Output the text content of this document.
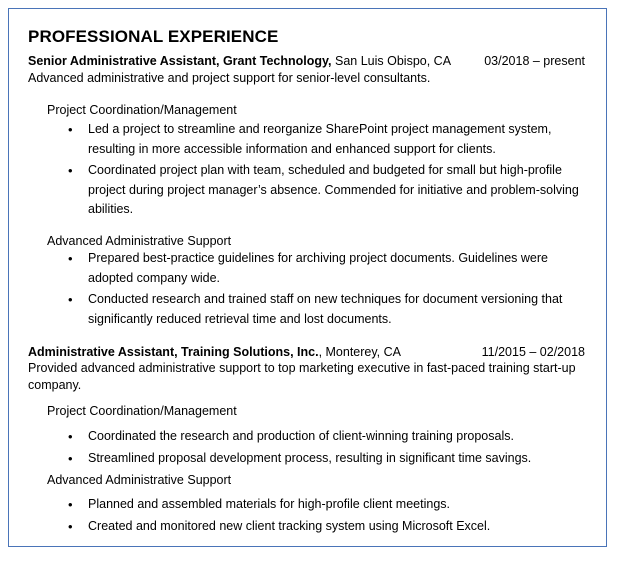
PROFESSIONAL EXPERIENCE
Senior Administrative Assistant, Grant Technology, San Luis Obispo, CA	03/2018 – present
Advanced administrative and project support for senior-level consultants.
Project Coordination/Management
• Led a project to streamline and reorganize SharePoint project management system, resulting in more accessible information and enhanced support for clients.
• Coordinated project plan with team, scheduled and budgeted for small but high-profile project during project manager’s absence. Commended for initiative and problem-solving abilities.
Advanced Administrative Support
• Prepared best-practice guidelines for archiving project documents. Guidelines were adopted company wide.
• Conducted research and trained staff on new techniques for document versioning that significantly reduced retrieval time and lost documents.
Administrative Assistant, Training Solutions, Inc., Monterey, CA	11/2015 – 02/2018
Provided advanced administrative support to top marketing executive in fast-paced training start-up company.
Project Coordination/Management
• Coordinated the research and production of client-winning training proposals.
• Streamlined proposal development process, resulting in significant time savings.
Advanced Administrative Support
• Planned and assembled materials for high-profile client meetings.
• Created and monitored new client tracking system using Microsoft Excel.
